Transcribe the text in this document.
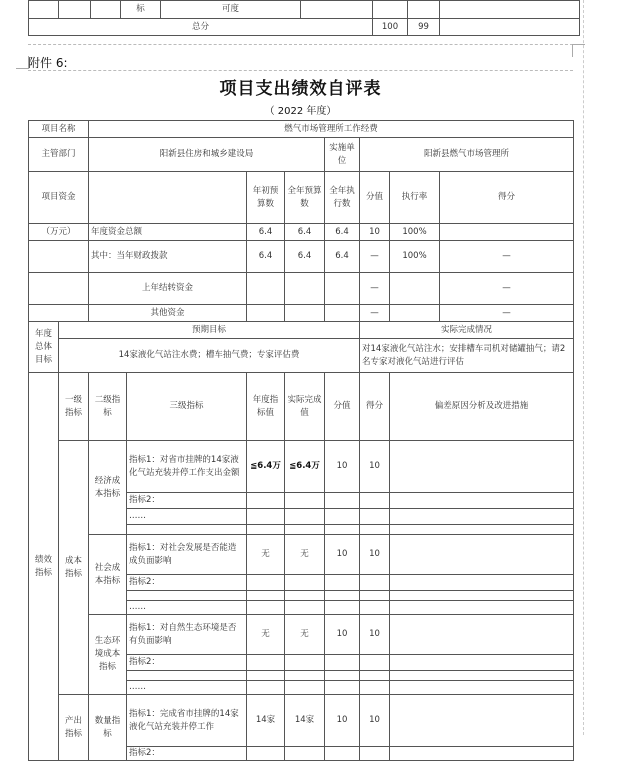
			标	可度				
总分						100	99	
附件 6:
项目支出绩效自评表
（ 2022 年度）
项目名称		燃气市场管理所工作经费							
主管部门		阳新县住房和城乡建设局				实施单位	阳新县燃气市场管理所		
项目资金				年初预算数	全年预算数	全年执行数	分值	执行率	得分
（万元）		年度资金总额		6.4	6.4	6.4	10	100%	
		其中：当年财政拨款		6.4	6.4	6.4	—	100%	—
		上年结转资金					—		—
		其他资金					—		—
年度总体目标	预期目标						实际完成情况		
	14家液化气站注水费；槽车抽气费；专家评估费						对14家液化气站注水；安排槽车司机对储罐抽气；请2名专家对液化气站进行评估		
绩效指标	一级指标	二级指标	三级指标	年度指标值	实际完成值	分值	得分	偏差原因分析及改进措施	
	成本指标	经济成本指标	指标1：对省市挂牌的14家液化气站充装并停工作支出金额	≦6.4万	≦6.4万	10	10		
			指标2：						
			……						

		社会成本指标	指标1：对社会发展是否能造成负面影响	无	无	10	10		
			指标2：						

			……						
		生态环境成本指标	指标1：对自然生态环境是否有负面影响	无	无	10	10		
			指标2：						

			……						
	产出指标	数量指标	指标1：完成省市挂牌的14家液化气站充装并停工作	14家	14家	10	10		
			指标2：						
